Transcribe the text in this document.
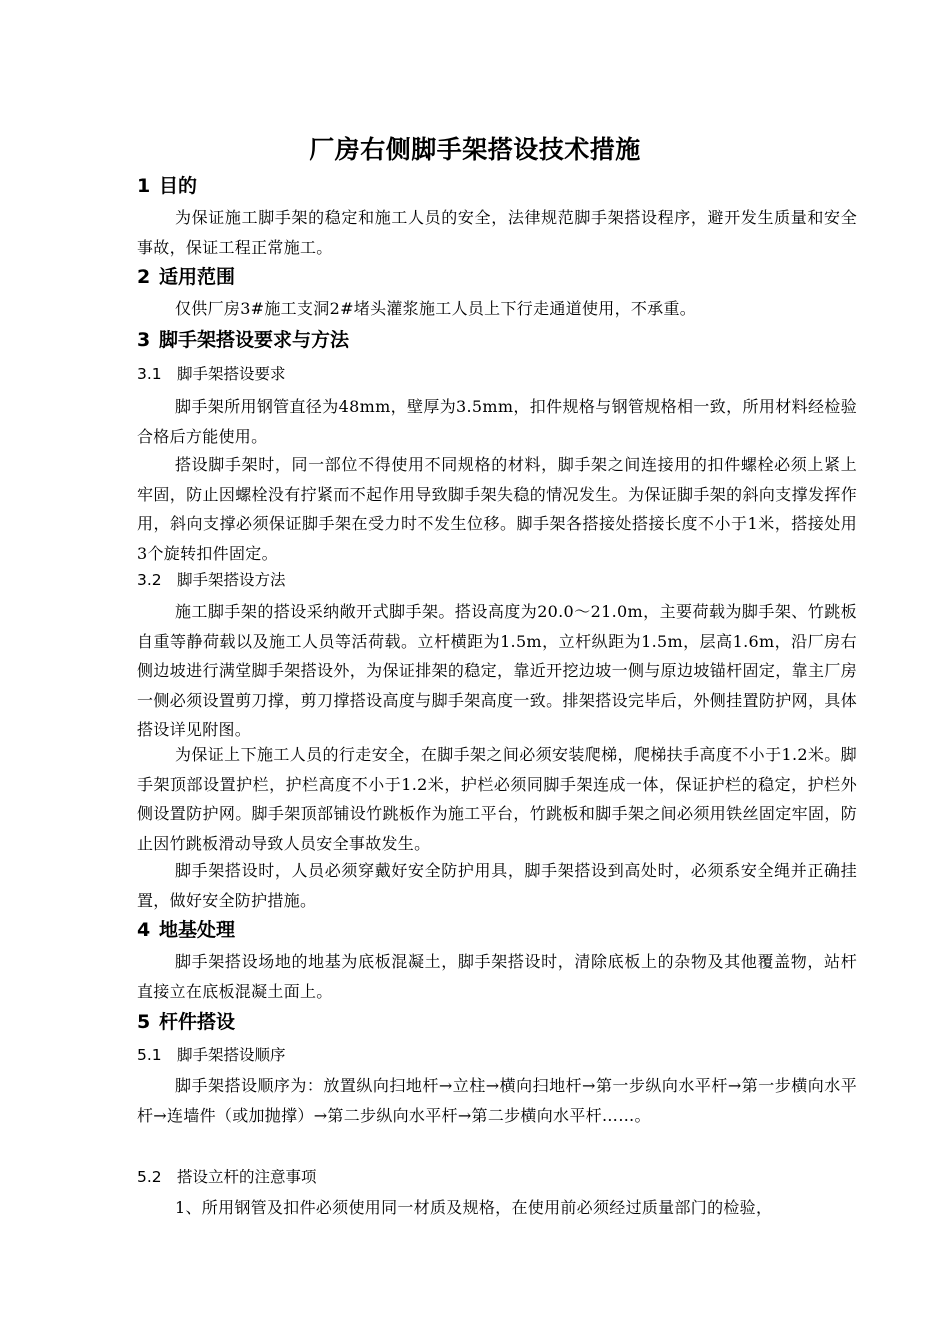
厂房右侧脚手架搭设技术措施
1 目的
为保证施工脚手架的稳定和施工人员的安全，法律规范脚手架搭设程序，避开发生质量和安全事故，保证工程正常施工。
2 适用范围
仅供厂房3#施工支洞2#堵头灌浆施工人员上下行走通道使用，不承重。
3 脚手架搭设要求与方法
3.1 脚手架搭设要求
脚手架所用钢管直径为48mm，壁厚为3.5mm，扣件规格与钢管规格相一致，所用材料经检验合格后方能使用。
搭设脚手架时，同一部位不得使用不同规格的材料，脚手架之间连接用的扣件螺栓必须上紧上牢固，防止因螺栓没有拧紧而不起作用导致脚手架失稳的情况发生。为保证脚手架的斜向支撑发挥作用，斜向支撑必须保证脚手架在受力时不发生位移。脚手架各搭接处搭接长度不小于1米，搭接处用3个旋转扣件固定。
3.2 脚手架搭设方法
施工脚手架的搭设采纳敞开式脚手架。搭设高度为20.0～21.0m，主要荷载为脚手架、竹跳板自重等静荷载以及施工人员等活荷载。立杆横距为1.5m，立杆纵距为1.5m，层高1.6m，沿厂房右侧边坡进行满堂脚手架搭设外，为保证排架的稳定，靠近开挖边坡一侧与原边坡锚杆固定，靠主厂房一侧必须设置剪刀撑，剪刀撑搭设高度与脚手架高度一致。排架搭设完毕后，外侧挂置防护网，具体搭设详见附图。
为保证上下施工人员的行走安全，在脚手架之间必须安装爬梯，爬梯扶手高度不小于1.2米。脚手架顶部设置护栏，护栏高度不小于1.2米，护栏必须同脚手架连成一体，保证护栏的稳定，护栏外侧设置防护网。脚手架顶部铺设竹跳板作为施工平台，竹跳板和脚手架之间必须用铁丝固定牢固，防止因竹跳板滑动导致人员安全事故发生。
脚手架搭设时，人员必须穿戴好安全防护用具，脚手架搭设到高处时，必须系安全绳并正确挂置，做好安全防护措施。
4 地基处理
脚手架搭设场地的地基为底板混凝土，脚手架搭设时，清除底板上的杂物及其他覆盖物，站杆直接立在底板混凝土面上。
5 杆件搭设
5.1 脚手架搭设顺序
脚手架搭设顺序为：放置纵向扫地杆→立柱→横向扫地杆→第一步纵向水平杆→第一步横向水平杆→连墙件（或加抛撑）→第二步纵向水平杆→第二步横向水平杆……。
5.2 搭设立杆的注意事项
1、所用钢管及扣件必须使用同一材质及规格，在使用前必须经过质量部门的检验，
